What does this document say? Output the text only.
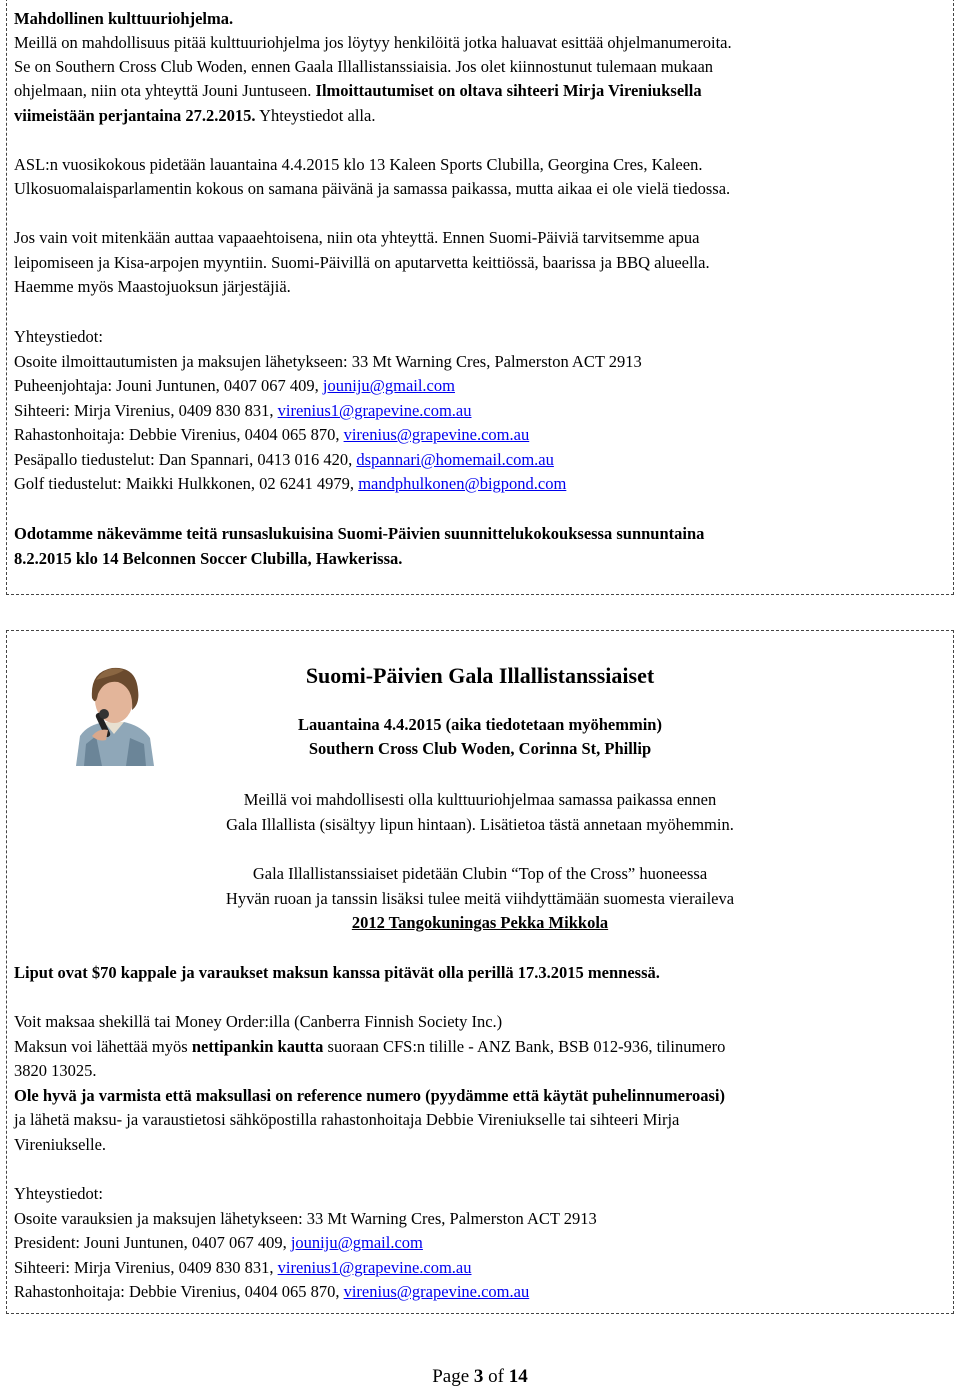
Mahdollinen kulttuuriohjelma.
Meillä on mahdollisuus pitää kulttuuriohjelma jos löytyy henkilöitä jotka haluavat esittää ohjelmanumeroita.
Se on Southern Cross Club Woden, ennen Gaala Illallistanssiaisia. Jos olet kiinnostunut tulemaan mukaan
ohjelmaan, niin ota yhteyttä Jouni Juntuseen. Ilmoittautumiset on oltava sihteeri Mirja Vireniuksella
viimeistään perjantaina 27.2.2015. Yhteystiedot alla.
ASL:n vuosikokous pidetään lauantaina 4.4.2015 klo 13 Kaleen Sports Clubilla, Georgina Cres, Kaleen.
Ulkosuomalaisparlamentin kokous on samana päivänä ja samassa paikassa, mutta aikaa ei ole vielä tiedossa.
Jos vain voit mitenkään auttaa vapaaehtoisena, niin ota yhteyttä. Ennen Suomi-Päiviä tarvitsemme apua
leipomiseen ja Kisa-arpojen myyntiin. Suomi-Päivillä on aputarvetta keittiössä, baarissa ja BBQ alueella.
Haemme myös Maastojuoksun järjestäjiä.
Yhteystiedot:
Osoite ilmoittautumisten ja maksujen lähetykseen: 33 Mt Warning Cres, Palmerston ACT 2913
Puheenjohtaja: Jouni Juntunen, 0407 067 409, jouniju@gmail.com
Sihteeri: Mirja Virenius, 0409 830 831, virenius1@grapevine.com.au
Rahastonhoitaja: Debbie Virenius, 0404 065 870, virenius@grapevine.com.au
Pesäpallo tiedustelut: Dan Spannari, 0413 016 420, dspannari@homemail.com.au
Golf tiedustelut: Maikki Hulkkonen, 02 6241 4979, mandphulkonen@bigpond.com
Odotamme näkevämme teitä runsaslukuisina Suomi-Päivien suunnittelukokouksessa sunnuntaina
8.2.2015 klo 14 Belconnen Soccer Clubilla, Hawkerissa.
Suomi-Päivien Gala Illallistanssiaiset
Lauantaina 4.4.2015 (aika tiedotetaan myöhemmin)
Southern Cross Club Woden, Corinna St, Phillip
Meillä voi mahdollisesti olla kulttuuriohjelmaa samassa paikassa ennen
Gala Illallista (sisältyy lipun hintaan). Lisätietoa tästä annetaan myöhemmin.
Gala Illallistanssiaiset pidetään Clubin “Top of the Cross” huoneessa
Hyvän ruoan ja tanssin lisäksi tulee meitä viihdyttämään suomesta vieraileva
2012 Tangokuningas Pekka Mikkola
Liput ovat $70 kappale ja varaukset maksun kanssa pitävät olla perillä 17.3.2015 mennessä.
Voit maksaa shekillä tai Money Order:illa (Canberra Finnish Society Inc.)
Maksun voi lähettää myös nettipankin kautta suoraan CFS:n tilille - ANZ Bank, BSB 012-936, tilinumero
3820 13025.
Ole hyvä ja varmista että maksullasi on reference numero (pyydämme että käytät puhelinnumeroasi)
ja lähetä maksu- ja varaustietosi sähköpostilla rahastonhoitaja Debbie Vireniukselle tai sihteeri Mirja
Vireniukselle.
Yhteystiedot:
Osoite varauksien ja maksujen lähetykseen: 33 Mt Warning Cres, Palmerston ACT 2913
President: Jouni Juntunen, 0407 067 409, jouniju@gmail.com
Sihteeri: Mirja Virenius, 0409 830 831, virenius1@grapevine.com.au
Rahastonhoitaja: Debbie Virenius, 0404 065 870, virenius@grapevine.com.au
Page 3 of 14
